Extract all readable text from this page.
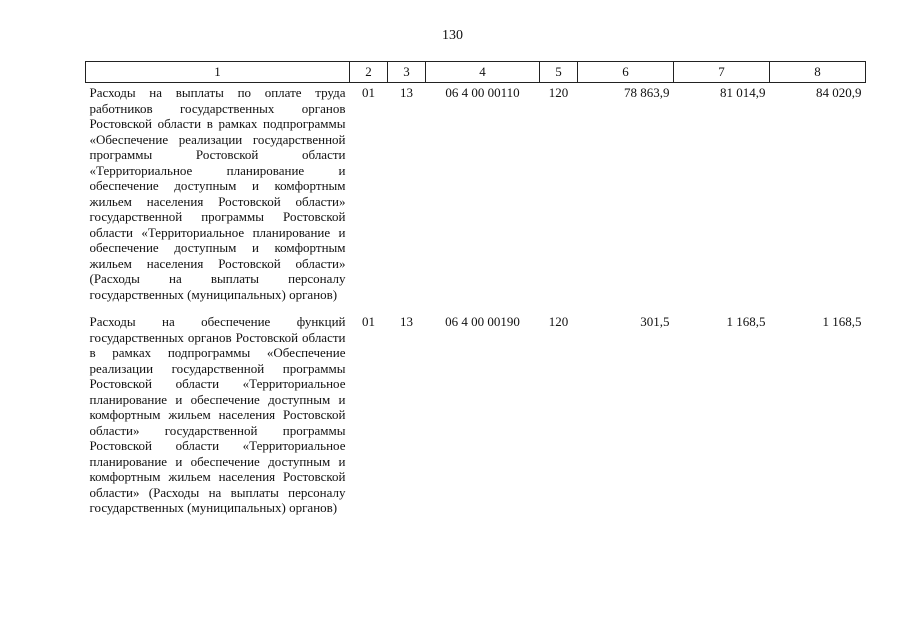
130
1	2	3	4	5	6	7	8
Расходы на выплаты по оплате труда работников государственных органов Ростовской области в рамках подпрограммы «Обеспечение реализации государственной программы Ростовской области «Территориальное планирование и обеспечение доступным и комфортным жильем населения Ростовской области» государственной программы Ростовской области «Территориальное планирование и обеспечение доступным и комфортным жильем населения Ростовской области» (Расходы на выплаты персоналу государственных (муниципальных) органов)	01	13	06 4 00 00110	120	78 863,9	81 014,9	84 020,9
Расходы на обеспечение функций государственных органов Ростовской области в рамках подпрограммы «Обеспечение реализации государственной программы Ростовской области «Территориальное планирование и обеспечение доступным и комфортным жильем населения Ростовской области» государственной программы Ростовской области «Территориальное планирование и обеспечение доступным и комфортным жильем населения Ростовской области» (Расходы на выплаты персоналу государственных (муниципальных) органов)	01	13	06 4 00 00190	120	301,5	1 168,5	1 168,5
